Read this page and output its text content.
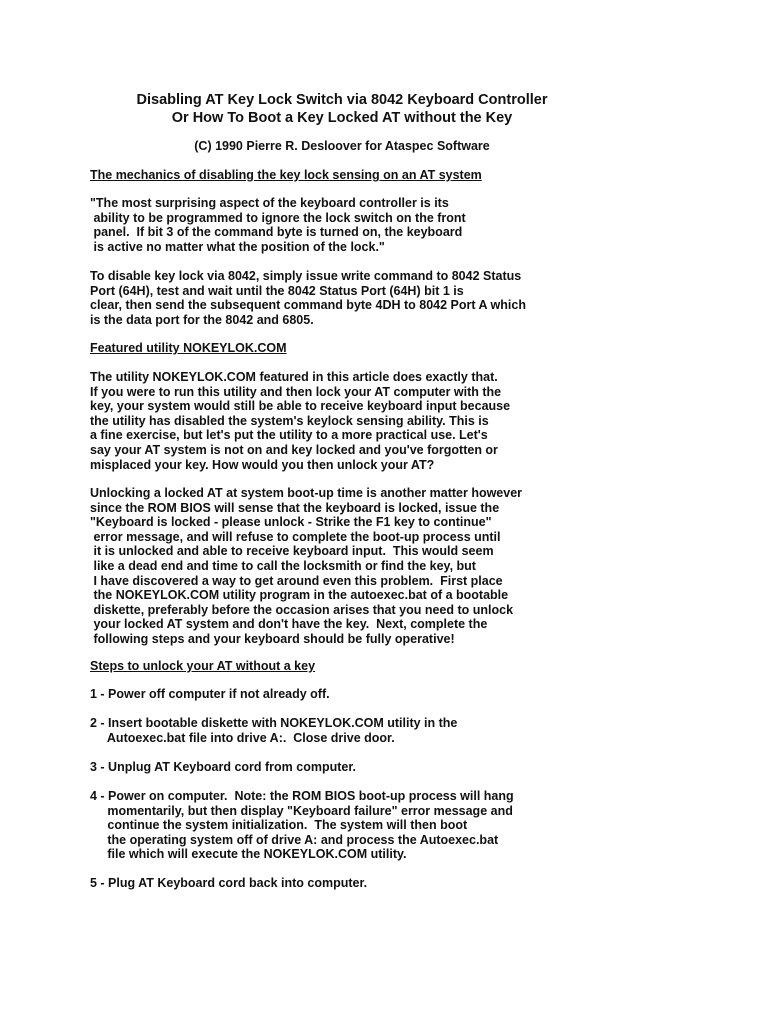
Disabling AT Key Lock Switch via 8042 Keyboard Controller
Or How To Boot a Key Locked AT without the Key
(C) 1990 Pierre R. Desloover for Ataspec Software
The mechanics of disabling the key lock sensing on an AT system
"The most surprising aspect of the keyboard controller is its
ability to be programmed to ignore the lock switch on the front
panel.  If bit 3 of the command byte is turned on, the keyboard
is active no matter what the position of the lock."
To disable key lock via 8042, simply issue write command to 8042 Status
Port (64H), test and wait until the 8042 Status Port (64H) bit 1 is
clear, then send the subsequent command byte 4DH to 8042 Port A which
is the data port for the 8042 and 6805.
Featured utility NOKEYLOK.COM
The utility NOKEYLOK.COM featured in this article does exactly that.
If you were to run this utility and then lock your AT computer with the
key, your system would still be able to receive keyboard input because
the utility has disabled the system's keylock sensing ability. This is
a fine exercise, but let's put the utility to a more practical use. Let's
say your AT system is not on and key locked and you've forgotten or
misplaced your key. How would you then unlock your AT?
Unlocking a locked AT at system boot-up time is another matter however
since the ROM BIOS will sense that the keyboard is locked, issue the
"Keyboard is locked - please unlock - Strike the F1 key to continue"
error message, and will refuse to complete the boot-up process until
it is unlocked and able to receive keyboard input.  This would seem
like a dead end and time to call the locksmith or find the key, but
I have discovered a way to get around even this problem.  First place
the NOKEYLOK.COM utility program in the autoexec.bat of a bootable
diskette, preferably before the occasion arises that you need to unlock
your locked AT system and don't have the key.  Next, complete the
following steps and your keyboard should be fully operative!
Steps to unlock your AT without a key
1 - Power off computer if not already off.
2 - Insert bootable diskette with NOKEYLOK.COM utility in the
Autoexec.bat file into drive A:.  Close drive door.
3 - Unplug AT Keyboard cord from computer.
4 - Power on computer.  Note: the ROM BIOS boot-up process will hang
momentarily, but then display "Keyboard failure" error message and
continue the system initialization.  The system will then boot
the operating system off of drive A: and process the Autoexec.bat
file which will execute the NOKEYLOK.COM utility.
5 - Plug AT Keyboard cord back into computer.
